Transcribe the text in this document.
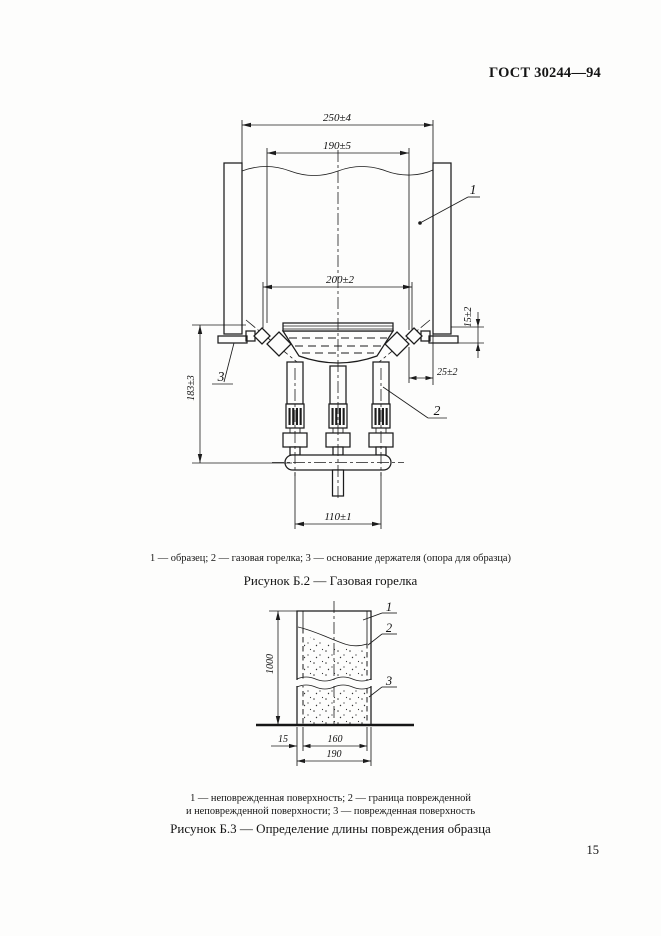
ГОСТ 30244—94
250±4
190±5
200±2
15±2
25±2
183±3
110±1
1
2
3
1000
15	160
190
1
2
3
1 — образец; 2 — газовая горелка; 3 — основание держателя (опора для образца)
Рисунок Б.2 — Газовая горелка
1 — неповрежденная поверхность; 2 — граница поврежденной
и неповрежденной поверхности; 3 — поврежденная поверхность
Рисунок Б.3 — Определение длины повреждения образца
15
